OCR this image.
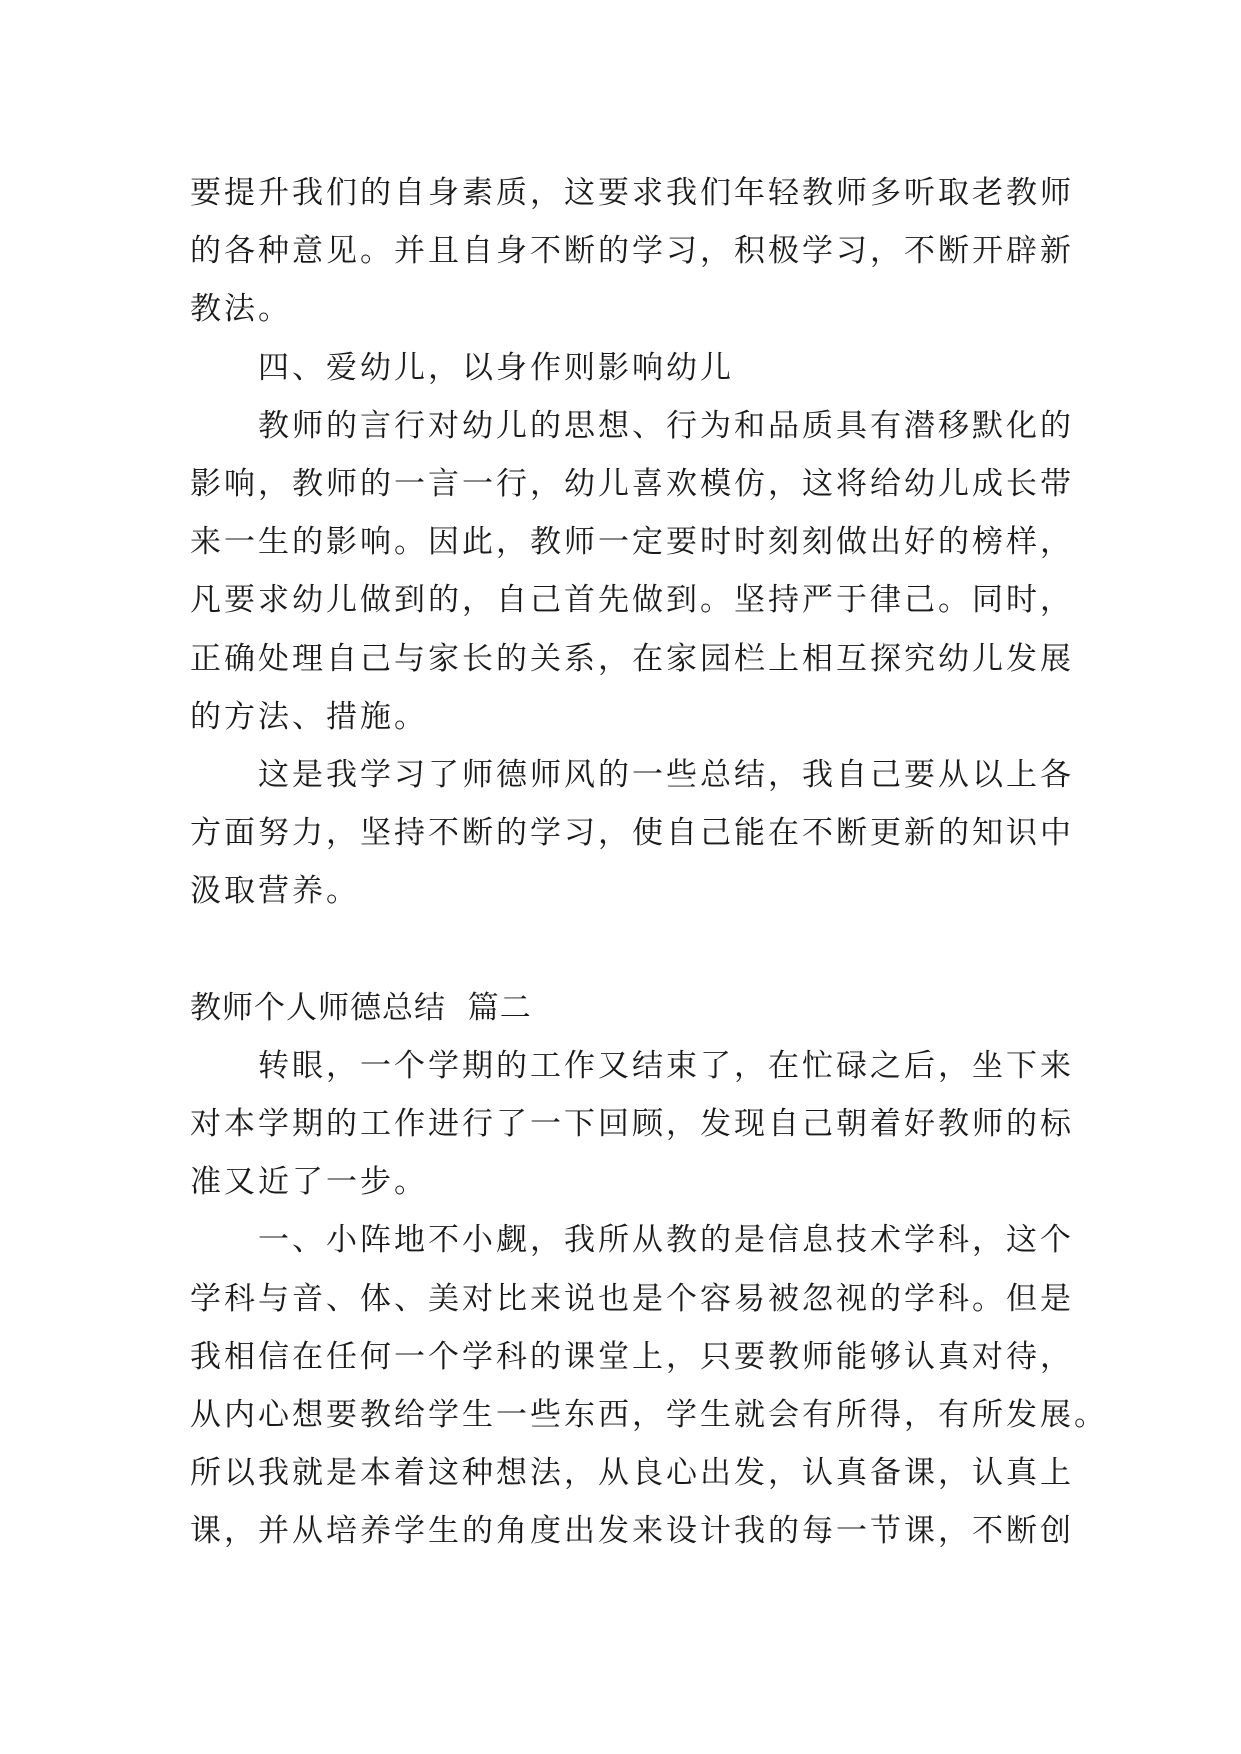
要提升我们的自身素质，这要求我们年轻教师多听取老教师
的各种意见。并且自身不断的学习，积极学习，不断开辟新
教法。
四、爱幼儿，以身作则影响幼儿
教师的言行对幼儿的思想、行为和品质具有潜移默化的
影响，教师的一言一行，幼儿喜欢模仿，这将给幼儿成长带
来一生的影响。因此，教师一定要时时刻刻做出好的榜样，
凡要求幼儿做到的，自己首先做到。坚持严于律己。同时，
正确处理自己与家长的关系，在家园栏上相互探究幼儿发展
的方法、措施。
这是我学习了师德师风的一些总结，我自己要从以上各
方面努力，坚持不断的学习，使自己能在不断更新的知识中
汲取营养。
教师个人师德总结  篇二
转眼，一个学期的工作又结束了，在忙碌之后，坐下来
对本学期的工作进行了一下回顾，发现自己朝着好教师的标
准又近了一步。
一、小阵地不小觑，我所从教的是信息技术学科，这个
学科与音、体、美对比来说也是个容易被忽视的学科。但是
我相信在任何一个学科的课堂上，只要教师能够认真对待，
从内心想要教给学生一些东西，学生就会有所得，有所发展。
所以我就是本着这种想法，从良心出发，认真备课，认真上
课，并从培养学生的角度出发来设计我的每一节课，不断创
